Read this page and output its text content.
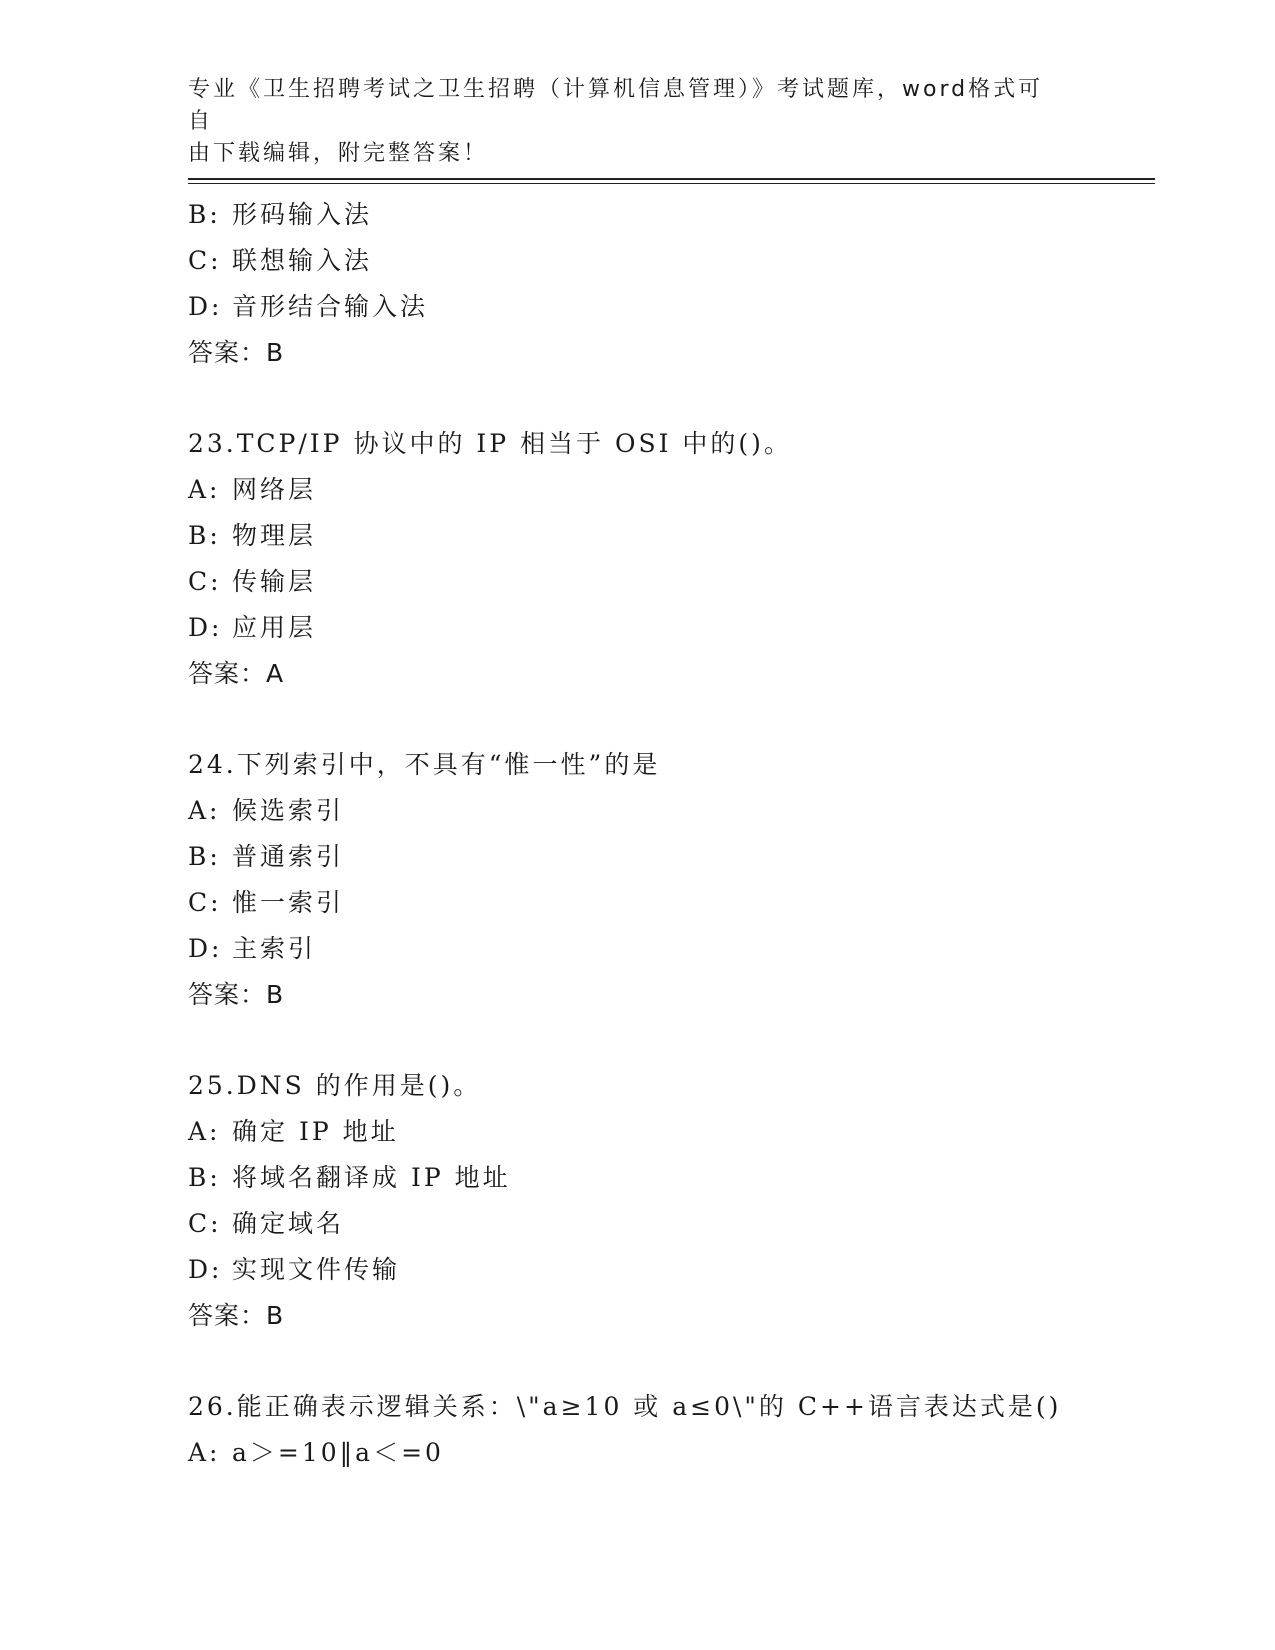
专业《卫生招聘考试之卫生招聘（计算机信息管理）》考试题库，word格式可自
由下载编辑，附完整答案！
B: 形码输入法
C: 联想输入法
D: 音形结合输入法
答案：B
23.TCP/IP 协议中的 IP 相当于 OSI 中的()。
A: 网络层
B: 物理层
C: 传输层
D: 应用层
答案：A
24.下列索引中，不具有“惟一性”的是
A: 候选索引
B: 普通索引
C: 惟一索引
D: 主索引
答案：B
25.DNS 的作用是()。
A: 确定 IP 地址
B: 将域名翻译成 IP 地址
C: 确定域名
D: 实现文件传输
答案：B
26.能正确表示逻辑关系：\"a≥10 或 a≤0\"的 C++语言表达式是()
A: a＞=10‖a＜=0
